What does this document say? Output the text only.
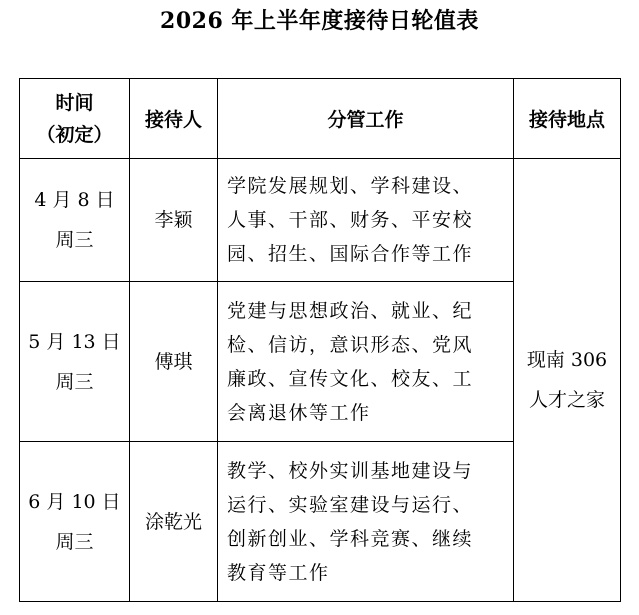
2026 年上半年度接待日轮值表
时间
（初定）	接待人	分管工作	接待地点

4 月 8 日
周三	李颖	学院发展规划、学科建设、
人事、干部、财务、平安校
园、招生、国际合作等工作	现南 306
人才之家

5 月 13 日
周三	傅琪	党建与思想政治、就业、纪
检、信访，意识形态、党风
廉政、宣传文化、校友、工
会离退休等工作	

6 月 10 日
周三	涂乾光	教学、校外实训基地建设与
运行、实验室建设与运行、
创新创业、学科竞赛、继续
教育等工作	
